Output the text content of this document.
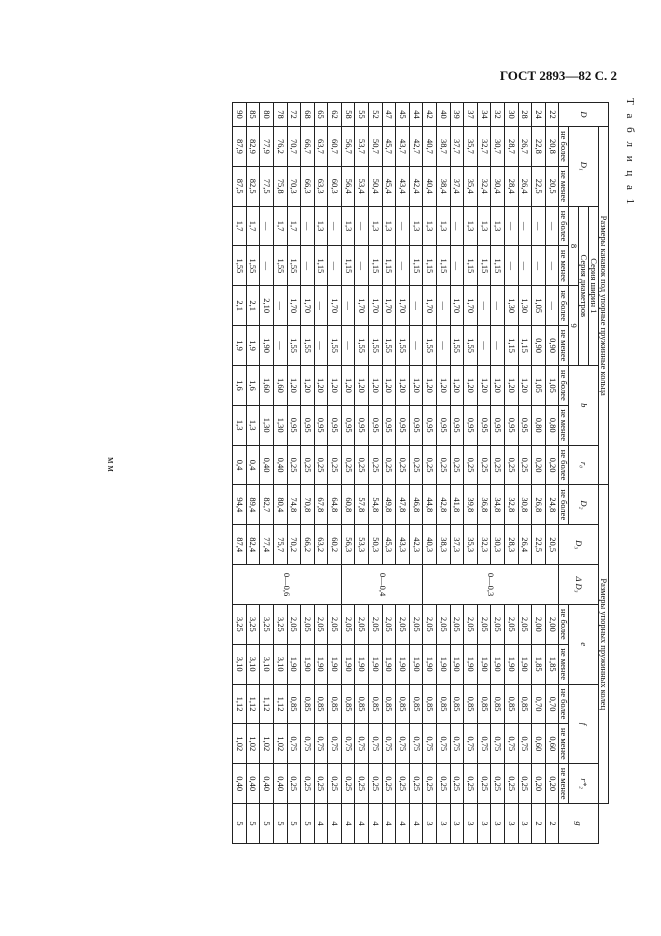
ГОСТ 2893—82 С. 2
Т а б л и ц а 1
мм
D	Размеры канавок под упорные пружинные кольца									Размеры упорных пружинных колец								
	D₁		Серия ширин 1				b		r₀	D₂	D₃	Δ D₃	e		f		r*₂	g
			Серия диаметров															
			8		9													
	не более	не менее	не более	не менее	не более	не менее	не более	не менее	не более	не более			не более	не менее	не более	не менее	не менее	
22	20,8	20,5	—	—	—	0,90	1,05	0,80	0,20	24,8	20,5	0—0,3	2,00	1,85	0,70	0,60	0,20	2
24	22,8	22,5	—	—	1,05	0,90	1,05	0,80	0,20	26,8	22,5		2,00	1,85	0,70	0,60	0,20	2
28	26,7	26,4	—	—	1,30	1,15	1,20	0,95	0,25	30,8	26,4		2,05	1,90	0,85	0,75	0,25	3
30	28,7	28,4	—	—	1,30	1,15	1,20	0,95	0,25	32,8	28,3		2,05	1,90	0,85	0,75	0,25	3
32	30,7	30,4	1,3	1,15	—	—	1,20	0,95	0,25	34,8	30,3		2,05	1,90	0,85	0,75	0,25	3
34	32,7	32,4	1,3	1,15	—	—	1,20	0,95	0,25	36,8	32,3		2,05	1,90	0,85	0,75	0,25	3
37	35,7	35,4	1,3	1,15	1,70	1,55	1,20	0,95	0,25	39,8	35,3		2,05	1,90	0,85	0,75	0,25	3
39	37,7	37,4	—	—	1,70	1,55	1,20	0,95	0,25	41,8	37,3		2,05	1,90	0,85	0,75	0,25	3
40	38,7	38,4	1,3	1,15	—	—	1,20	0,95	0,25	42,8	38,3		2,05	1,90	0,85	0,75	0,25	3
42	40,7	40,4	1,3	1,15	1,70	1,55	1,20	0,95	0,25	44,8	40,3		2,05	1,90	0,85	0,75	0,25	3
44	42,7	42,4	1,3	1,15	—	—	1,20	0,95	0,25	46,8	42,3	0—0,4	2,05	1,90	0,85	0,75	0,25	4
45	43,7	43,4	—	—	1,70	1,55	1,20	0,95	0,25	47,8	43,3		2,05	1,90	0,85	0,75	0,25	4
47	45,7	45,4	1,3	1,15	1,70	1,55	1,20	0,95	0,25	49,8	45,3		2,05	1,90	0,85	0,75	0,25	4
52	50,7	50,4	1,3	1,15	1,70	1,55	1,20	0,95	0,25	54,8	50,3		2,05	1,90	0,85	0,75	0,25	4
55	53,7	53,4	—	—	1,70	1,55	1,20	0,95	0,25	57,8	53,3		2,05	1,90	0,85	0,75	0,25	4
58	56,7	56,4	1,3	1,15	—	—	1,20	0,95	0,25	60,8	56,3		2,05	1,90	0,85	0,75	0,25	4
62	60,7	60,3	—	—	1,70	1,55	1,20	0,95	0,25	64,8	60,2	0—0,6	2,05	1,90	0,85	0,75	0,25	4
65	63,7	63,3	1,3	1,15	—	—	1,20	0,95	0,25	67,8	63,2		2,05	1,90	0,85	0,75	0,25	4
68	66,7	66,3	—	—	1,70	1,55	1,20	0,95	0,25	70,8	66,2		2,05	1,90	0,85	0,75	0,25	5
72	70,7	70,3	1,7	1,55	1,70	1,55	1,20	0,95	0,25	74,8	70,2		2,05	1,90	0,85	0,75	0,25	5
78	76,2	75,8	1,7	1,55	—	—	1,60	1,30	0,40	80,4	75,7		3,25	3,10	1,12	1,02	0,40	5
80	77,9	77,5	—	—	2,10	1,90	1,60	1,30	0,40	82,7	77,4		3,25	3,10	1,12	1,02	0,40	5
85	82,9	82,5	1,7	1,55	2,1	1,9	1,6	1,3	0,4	89,4	82,4		3,25	3,10	1,12	1,02	0,40	5
90	87,9	87,5	1,7	1,55	2,1	1,9	1,6	1,3	0,4	94,4	87,4		3,25	3,10	1,12	1,02	0,40	5
